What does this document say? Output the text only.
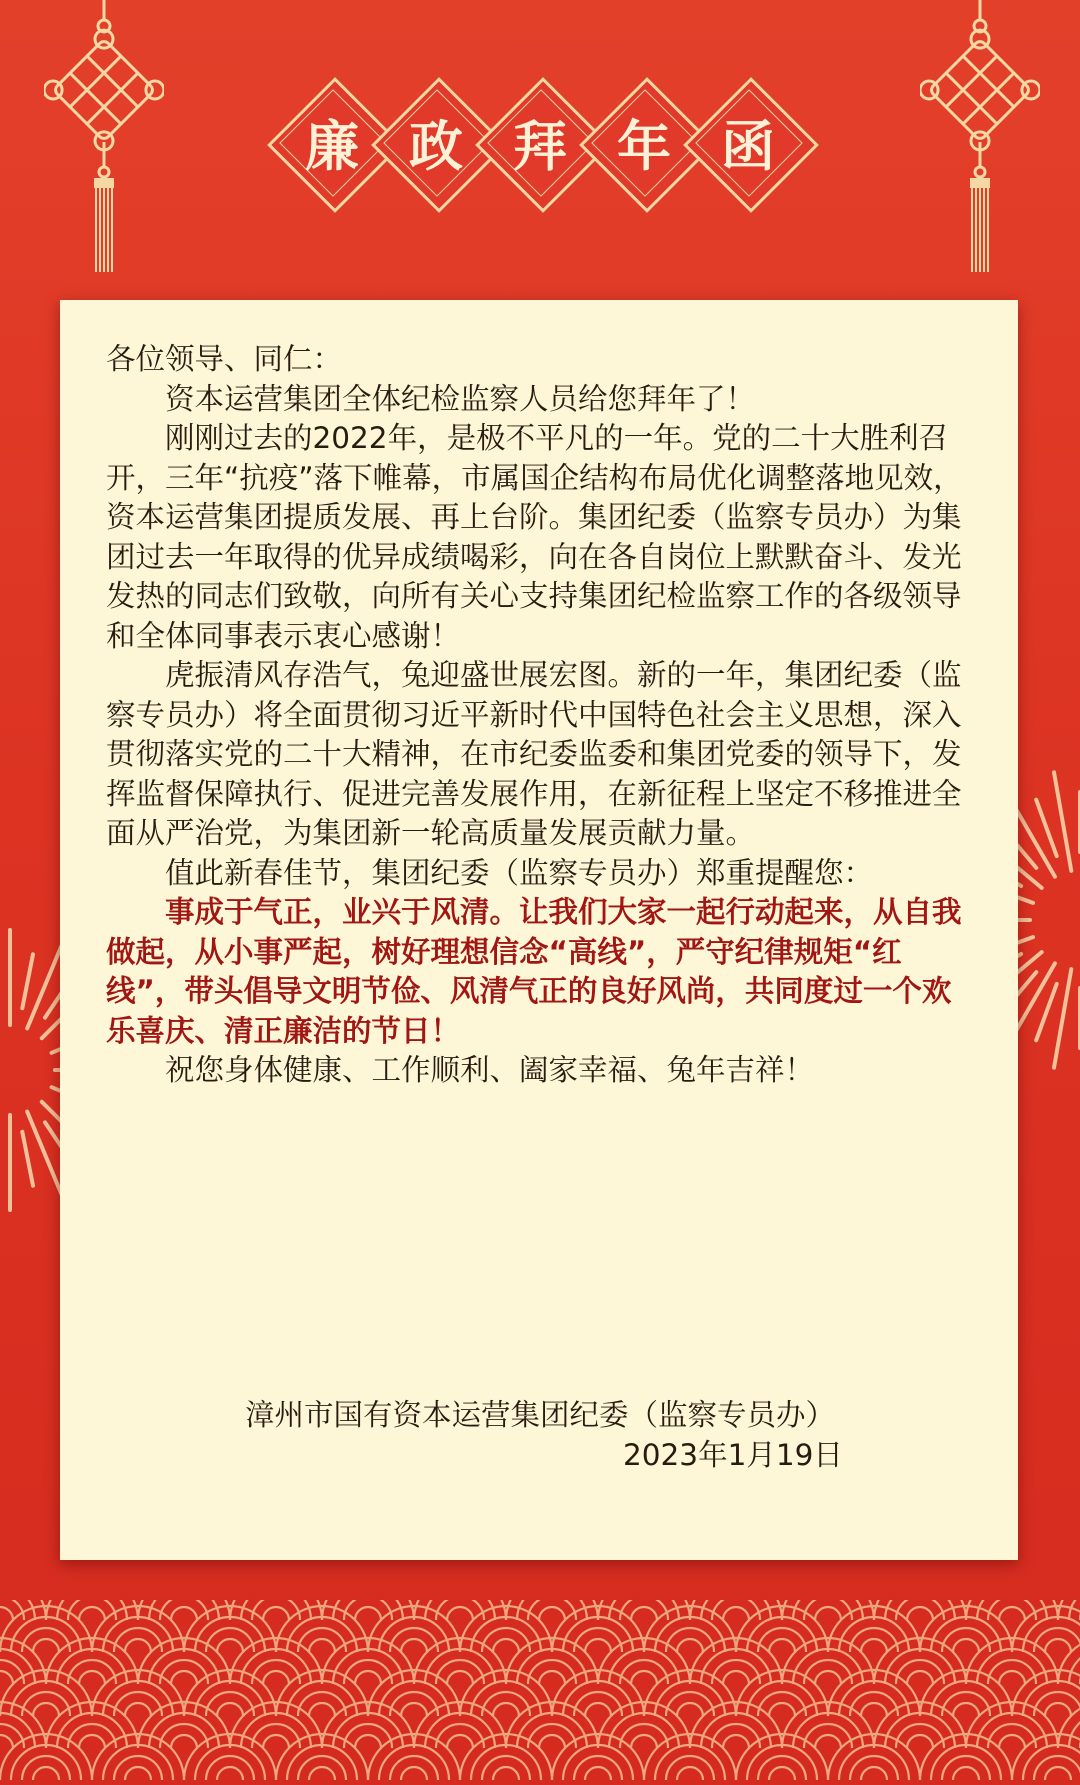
廉 政 拜 年 函

各位领导、同仁：

资本运营集团全体纪检监察人员给您拜年了！

刚刚过去的2022年，是极不平凡的一年。党的二十大胜利召开，三年“抗疫”落下帷幕，市属国企结构布局优化调整落地见效，资本运营集团提质发展、再上台阶。集团纪委（监察专员办）为集团过去一年取得的优异成绩喝彩，向在各自岗位上默默奋斗、发光发热的同志们致敬，向所有关心支持集团纪检监察工作的各级领导和全体同事表示衷心感谢！

虎振清风存浩气，兔迎盛世展宏图。新的一年，集团纪委（监察专员办）将全面贯彻习近平新时代中国特色社会主义思想，深入贯彻落实党的二十大精神，在市纪委监委和集团党委的领导下，发挥监督保障执行、促进完善发展作用，在新征程上坚定不移推进全面从严治党，为集团新一轮高质量发展贡献力量。

值此新春佳节，集团纪委（监察专员办）郑重提醒您：

事成于气正，业兴于风清。让我们大家一起行动起来，从自我做起，从小事严起，树好理想信念“高线”，严守纪律规矩“红线”，带头倡导文明节俭、风清气正的良好风尚，共同度过一个欢乐喜庆、清正廉洁的节日！

祝您身体健康、工作顺利、阖家幸福、兔年吉祥！

漳州市国有资本运营集团纪委（监察专员办）
2023年1月19日
